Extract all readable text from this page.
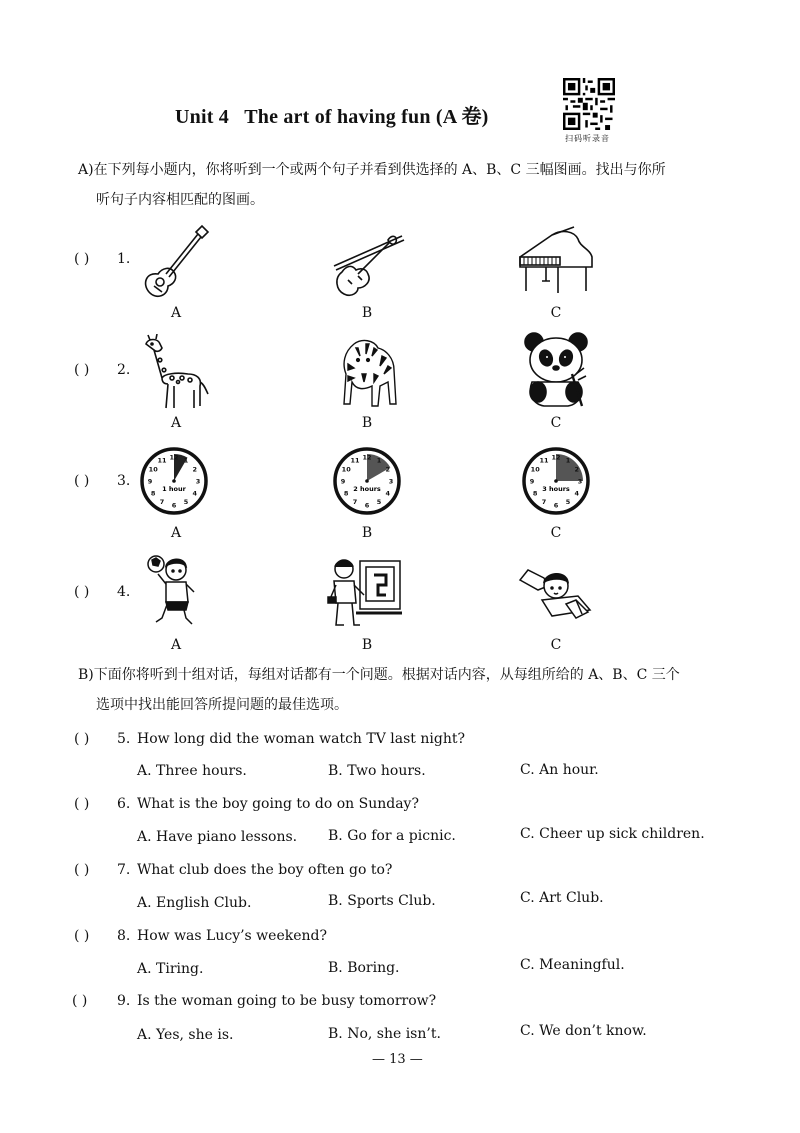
Unit 4   The art of having fun (A 卷)
扫码听录音
A)在下列每小题内，你将听到一个或两个句子并看到供选择的 A、B、C 三幅图画。找出与你所
听句子内容相匹配的图画。
( ) 1.
A	B	C
( ) 2.
A	B	C
( ) 3.
1
2
3
4
5
6
7
8
9
10
11 12
1 hour
1
2
3
4
5
6
7
8
9
10
11 12
2 hours
1
2
3
4
5
6
7
8
9
10
11 12
3 hours
A	B	C
( ) 4.
A	B	C
B)下面你将听到十组对话，每组对话都有一个问题。根据对话内容，从每组所给的 A、B、C 三个
选项中找出能回答所提问题的最佳选项。
( ) 5. How long did the woman watch TV last night?
A. Three hours.	B. Two hours.	C. An hour.
( ) 6. What is the boy going to do on Sunday?
A. Have piano lessons. B. Go for a picnic.	C. Cheer up sick children.
( ) 7. What club does the boy often go to?
A. English Club.	B. Sports Club.	C. Art Club.
( ) 8. How was Lucy’s weekend?
A. Tiring.	B. Boring.	C. Meaningful.
( ) 9. Is the woman going to be busy tomorrow?
A. Yes, she is.	B. No, she isn’t.	C. We don’t know.
— 13 —
